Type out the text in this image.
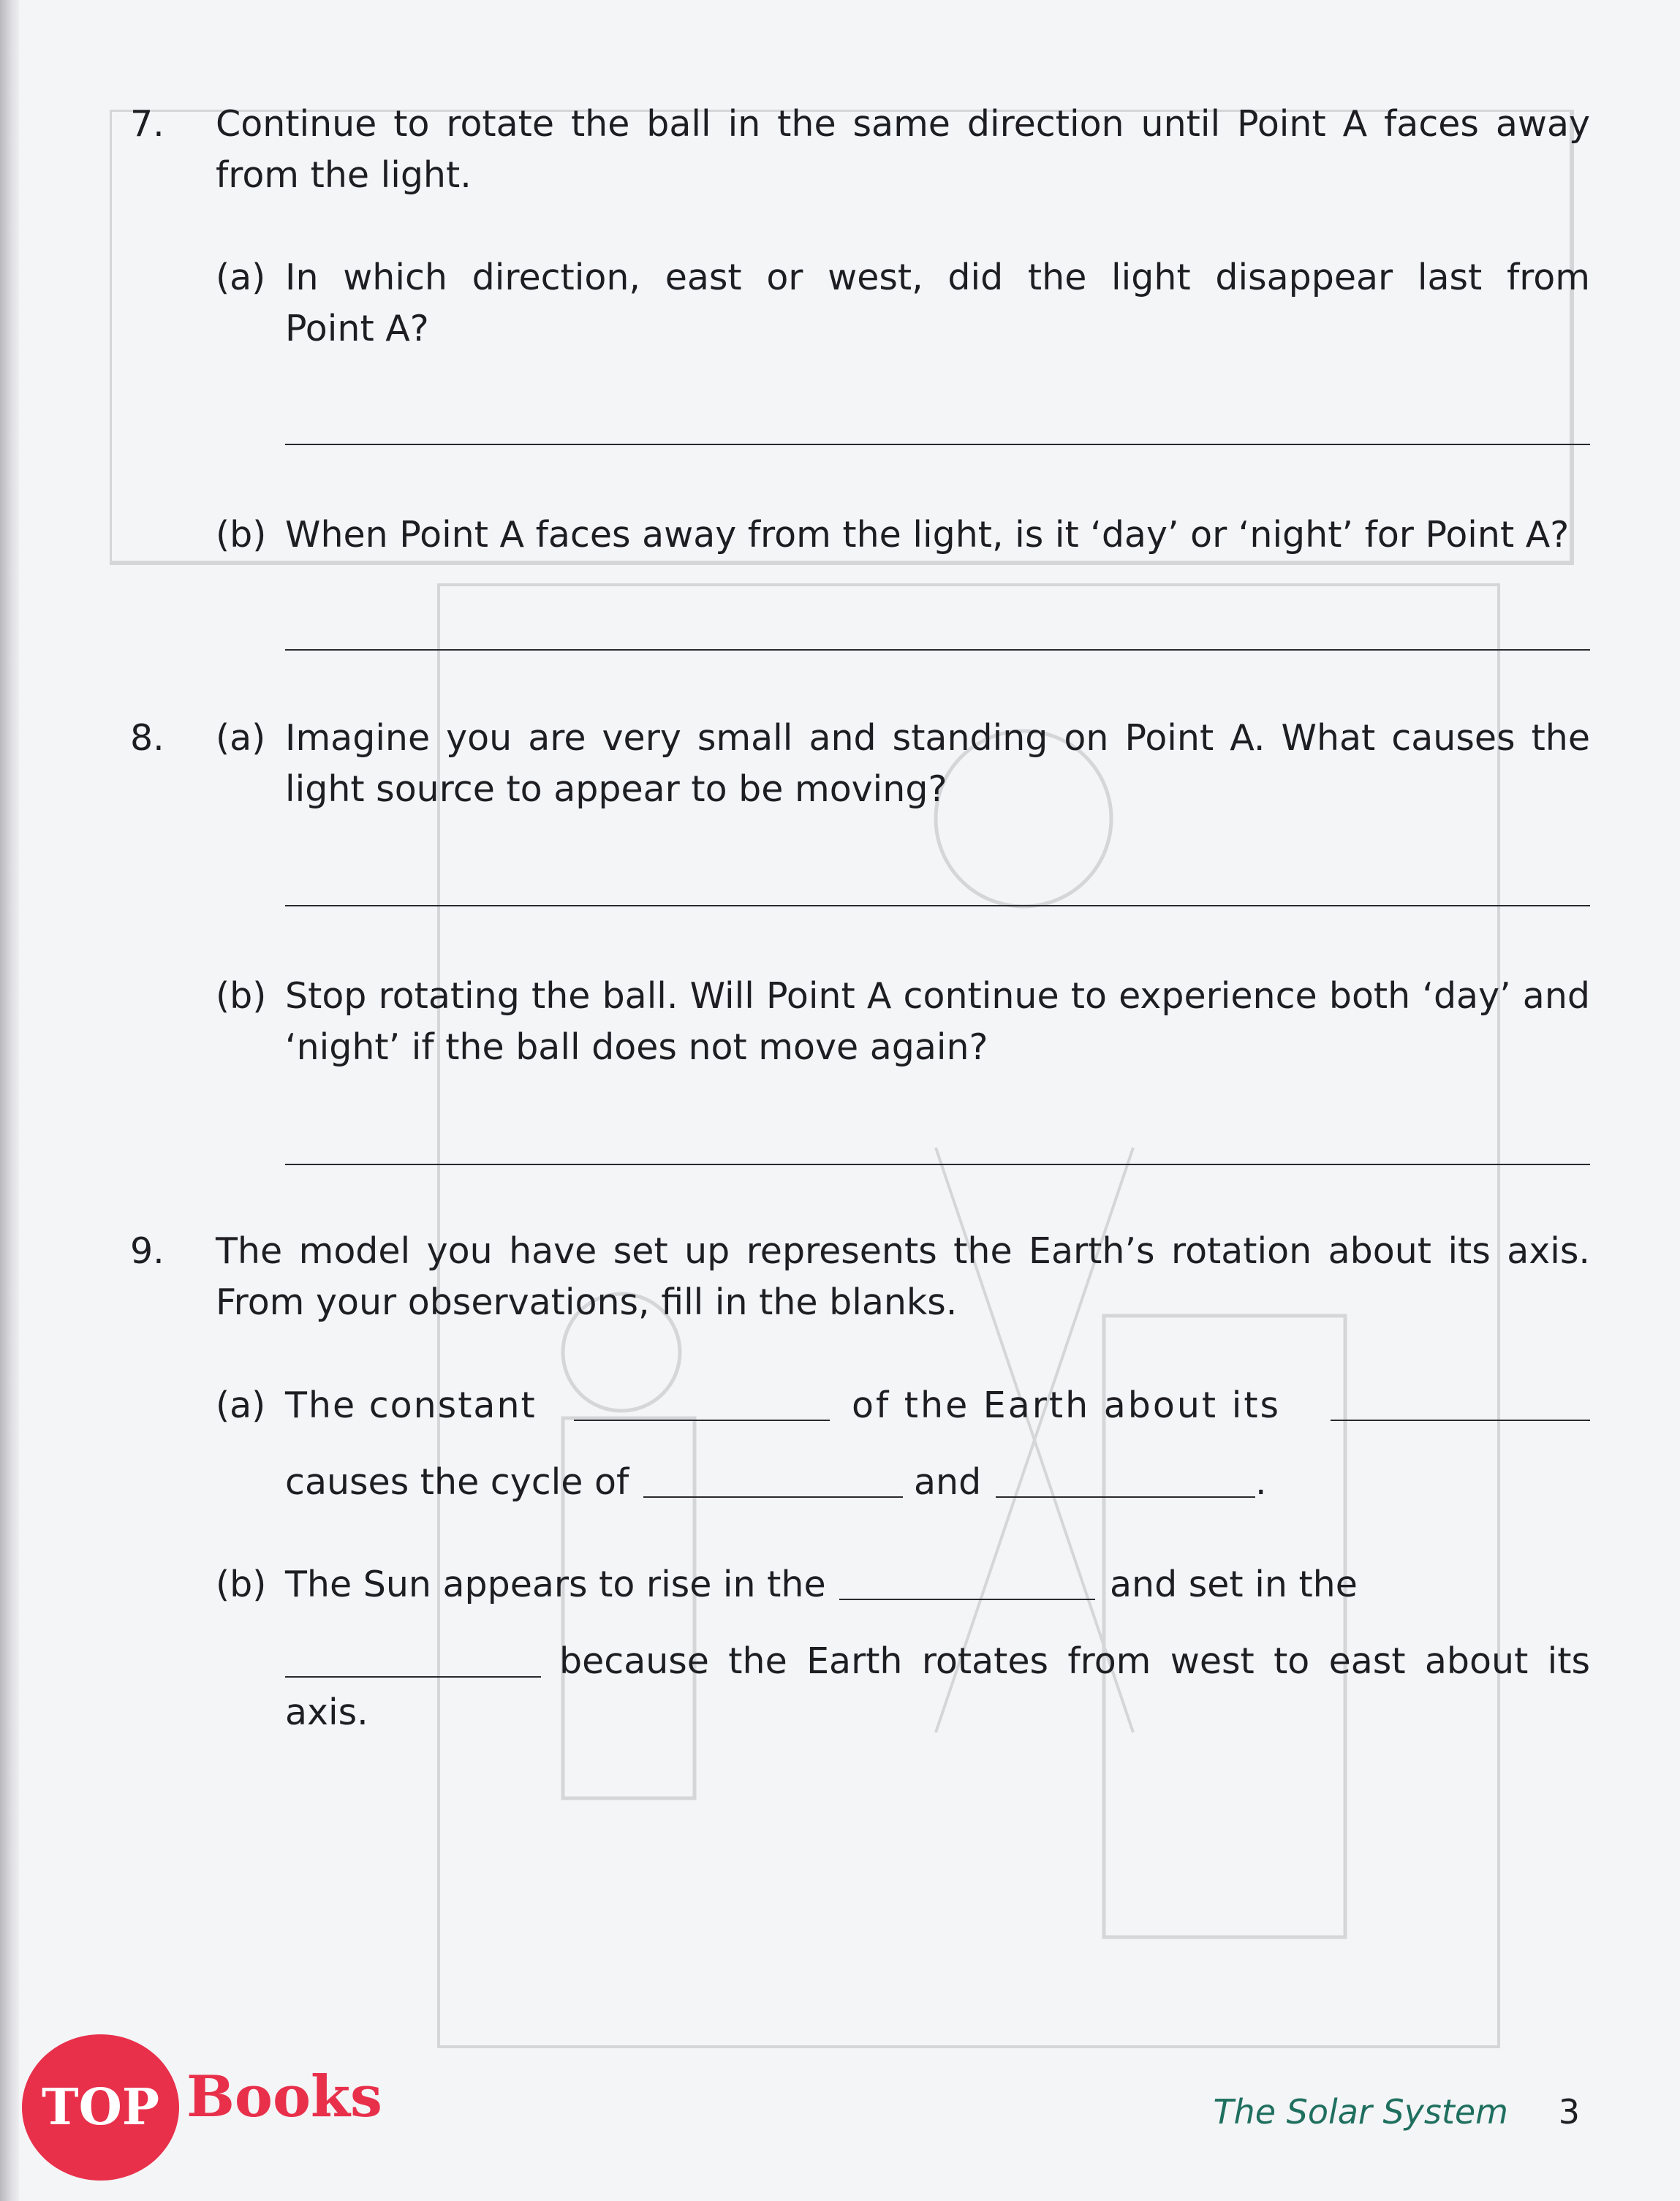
7. Continue to rotate the ball in the same direction until Point A faces away
from the light.
(a) In which direction, east or west, did the light disappear last from
Point A?
(b) When Point A faces away from the light, is it ‘day’ or ‘night’ for Point A?
8. (a) Imagine you are very small and standing on Point A. What causes the
light source to appear to be moving?
(b) Stop rotating the ball. Will Point A continue to experience both ‘day’ and
‘night’ if the ball does not move again?
9. The model you have set up represents the Earth’s rotation about its axis.
From your observations, fill in the blanks.
(a) The constant	of the Earth about its
causes the cycle of	and	.
(b) The Sun appears to rise in the	and set in the
because the Earth rotates from west to east about its
axis.
The Solar System 3
TOP Books
